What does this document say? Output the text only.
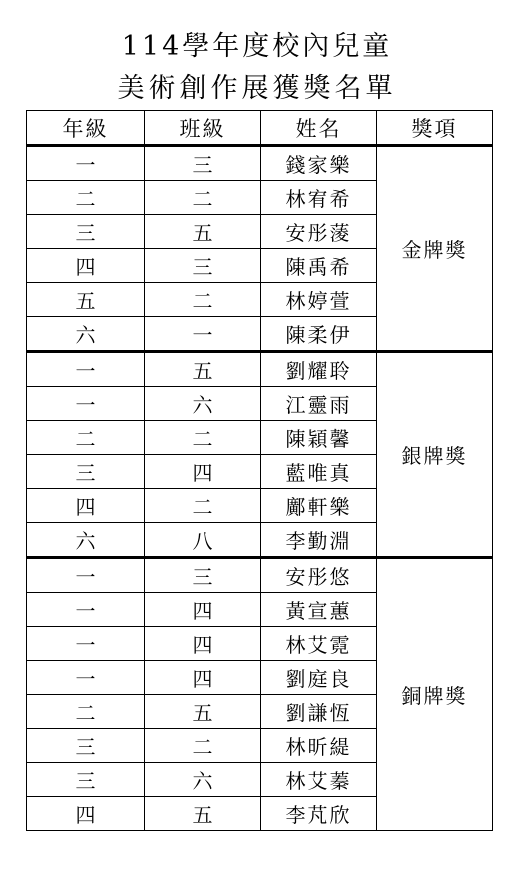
114學年度校內兒童
美術創作展獲獎名單
年級	班級	姓名	獎項
一	三	錢家樂	金牌獎
二	二	林宥希	
三	五	安彤蔆	
四	三	陳禹希	
五	二	林婷萱	
六	一	陳柔伊	
一	五	劉耀聆	銀牌獎
一	六	江靈雨	
二	二	陳穎馨	
三	四	藍唯真	
四	二	鄺軒樂	
六	八	李勤淵	
一	三	安彤悠	銅牌獎
一	四	黃宣蕙	
一	四	林艾霓	
一	四	劉庭良	
二	五	劉謙恆	
三	二	林昕緹	
三	六	林艾蓁	
四	五	李芃欣	
